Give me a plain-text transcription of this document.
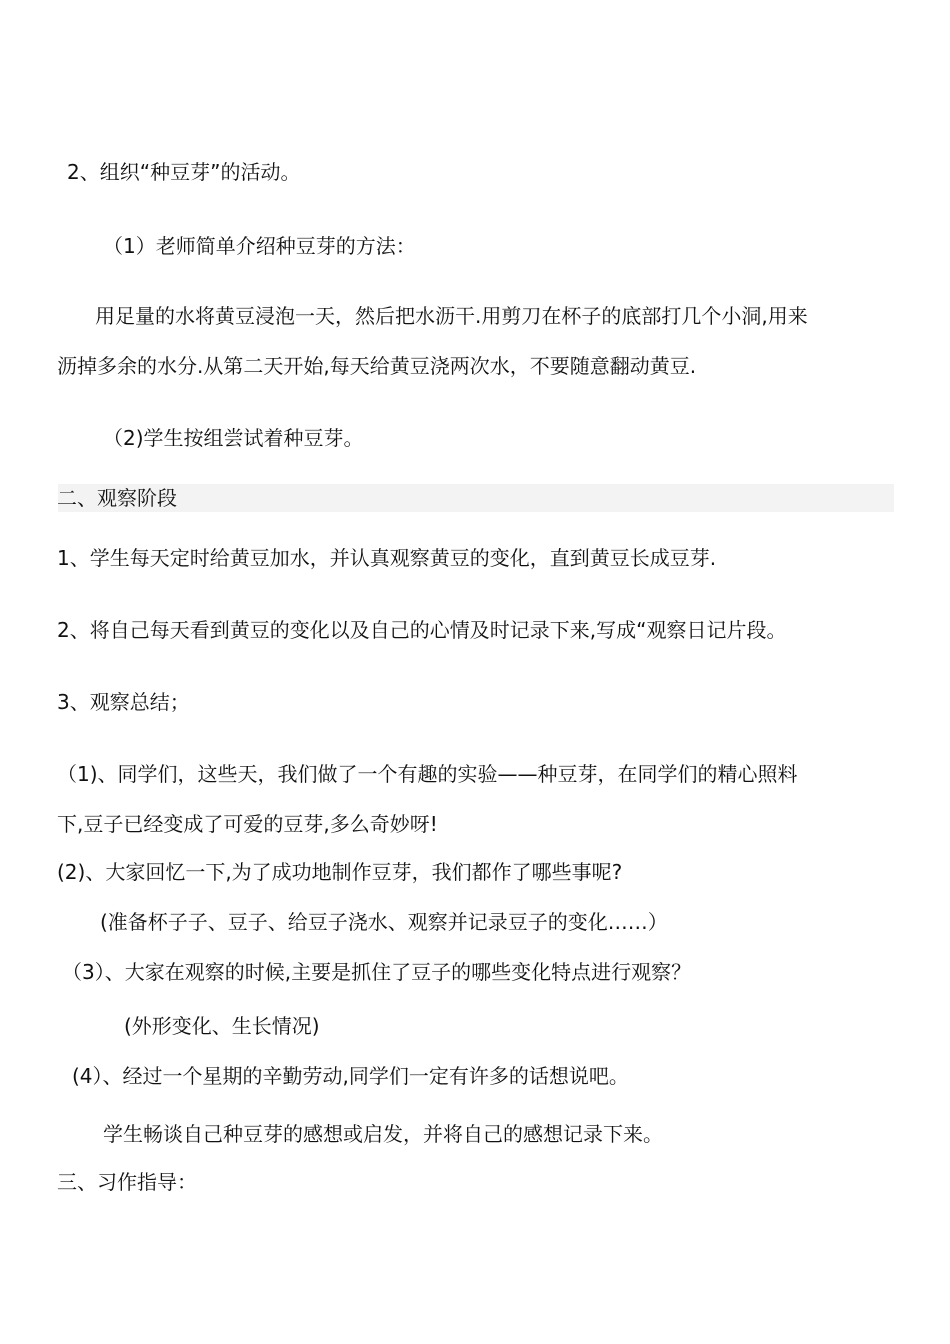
2、组织“种豆芽”的活动。
（1）老师简单介绍种豆芽的方法：
用足量的水将黄豆浸泡一天，然后把水沥干.用剪刀在杯子的底部打几个小洞,用来
沥掉多余的水分.从第二天开始,每天给黄豆浇两次水，不要随意翻动黄豆.
（2)学生按组尝试着种豆芽。
二、观察阶段
1、学生每天定时给黄豆加水，并认真观察黄豆的变化，直到黄豆长成豆芽.
2、将自己每天看到黄豆的变化以及自己的心情及时记录下来,写成“观察日记片段。
3、观察总结；
（1)、同学们，这些天，我们做了一个有趣的实验——种豆芽，在同学们的精心照料
下,豆子已经变成了可爱的豆芽,多么奇妙呀!
(2)、大家回忆一下,为了成功地制作豆芽，我们都作了哪些事呢?
(准备杯子子、豆子、给豆子浇水、观察并记录豆子的变化……）
（3）、大家在观察的时候,主要是抓住了豆子的哪些变化特点进行观察？
(外形变化、生长情况)
(4）、经过一个星期的辛勤劳动,同学们一定有许多的话想说吧。
学生畅谈自己种豆芽的感想或启发，并将自己的感想记录下来。
三、习作指导：
